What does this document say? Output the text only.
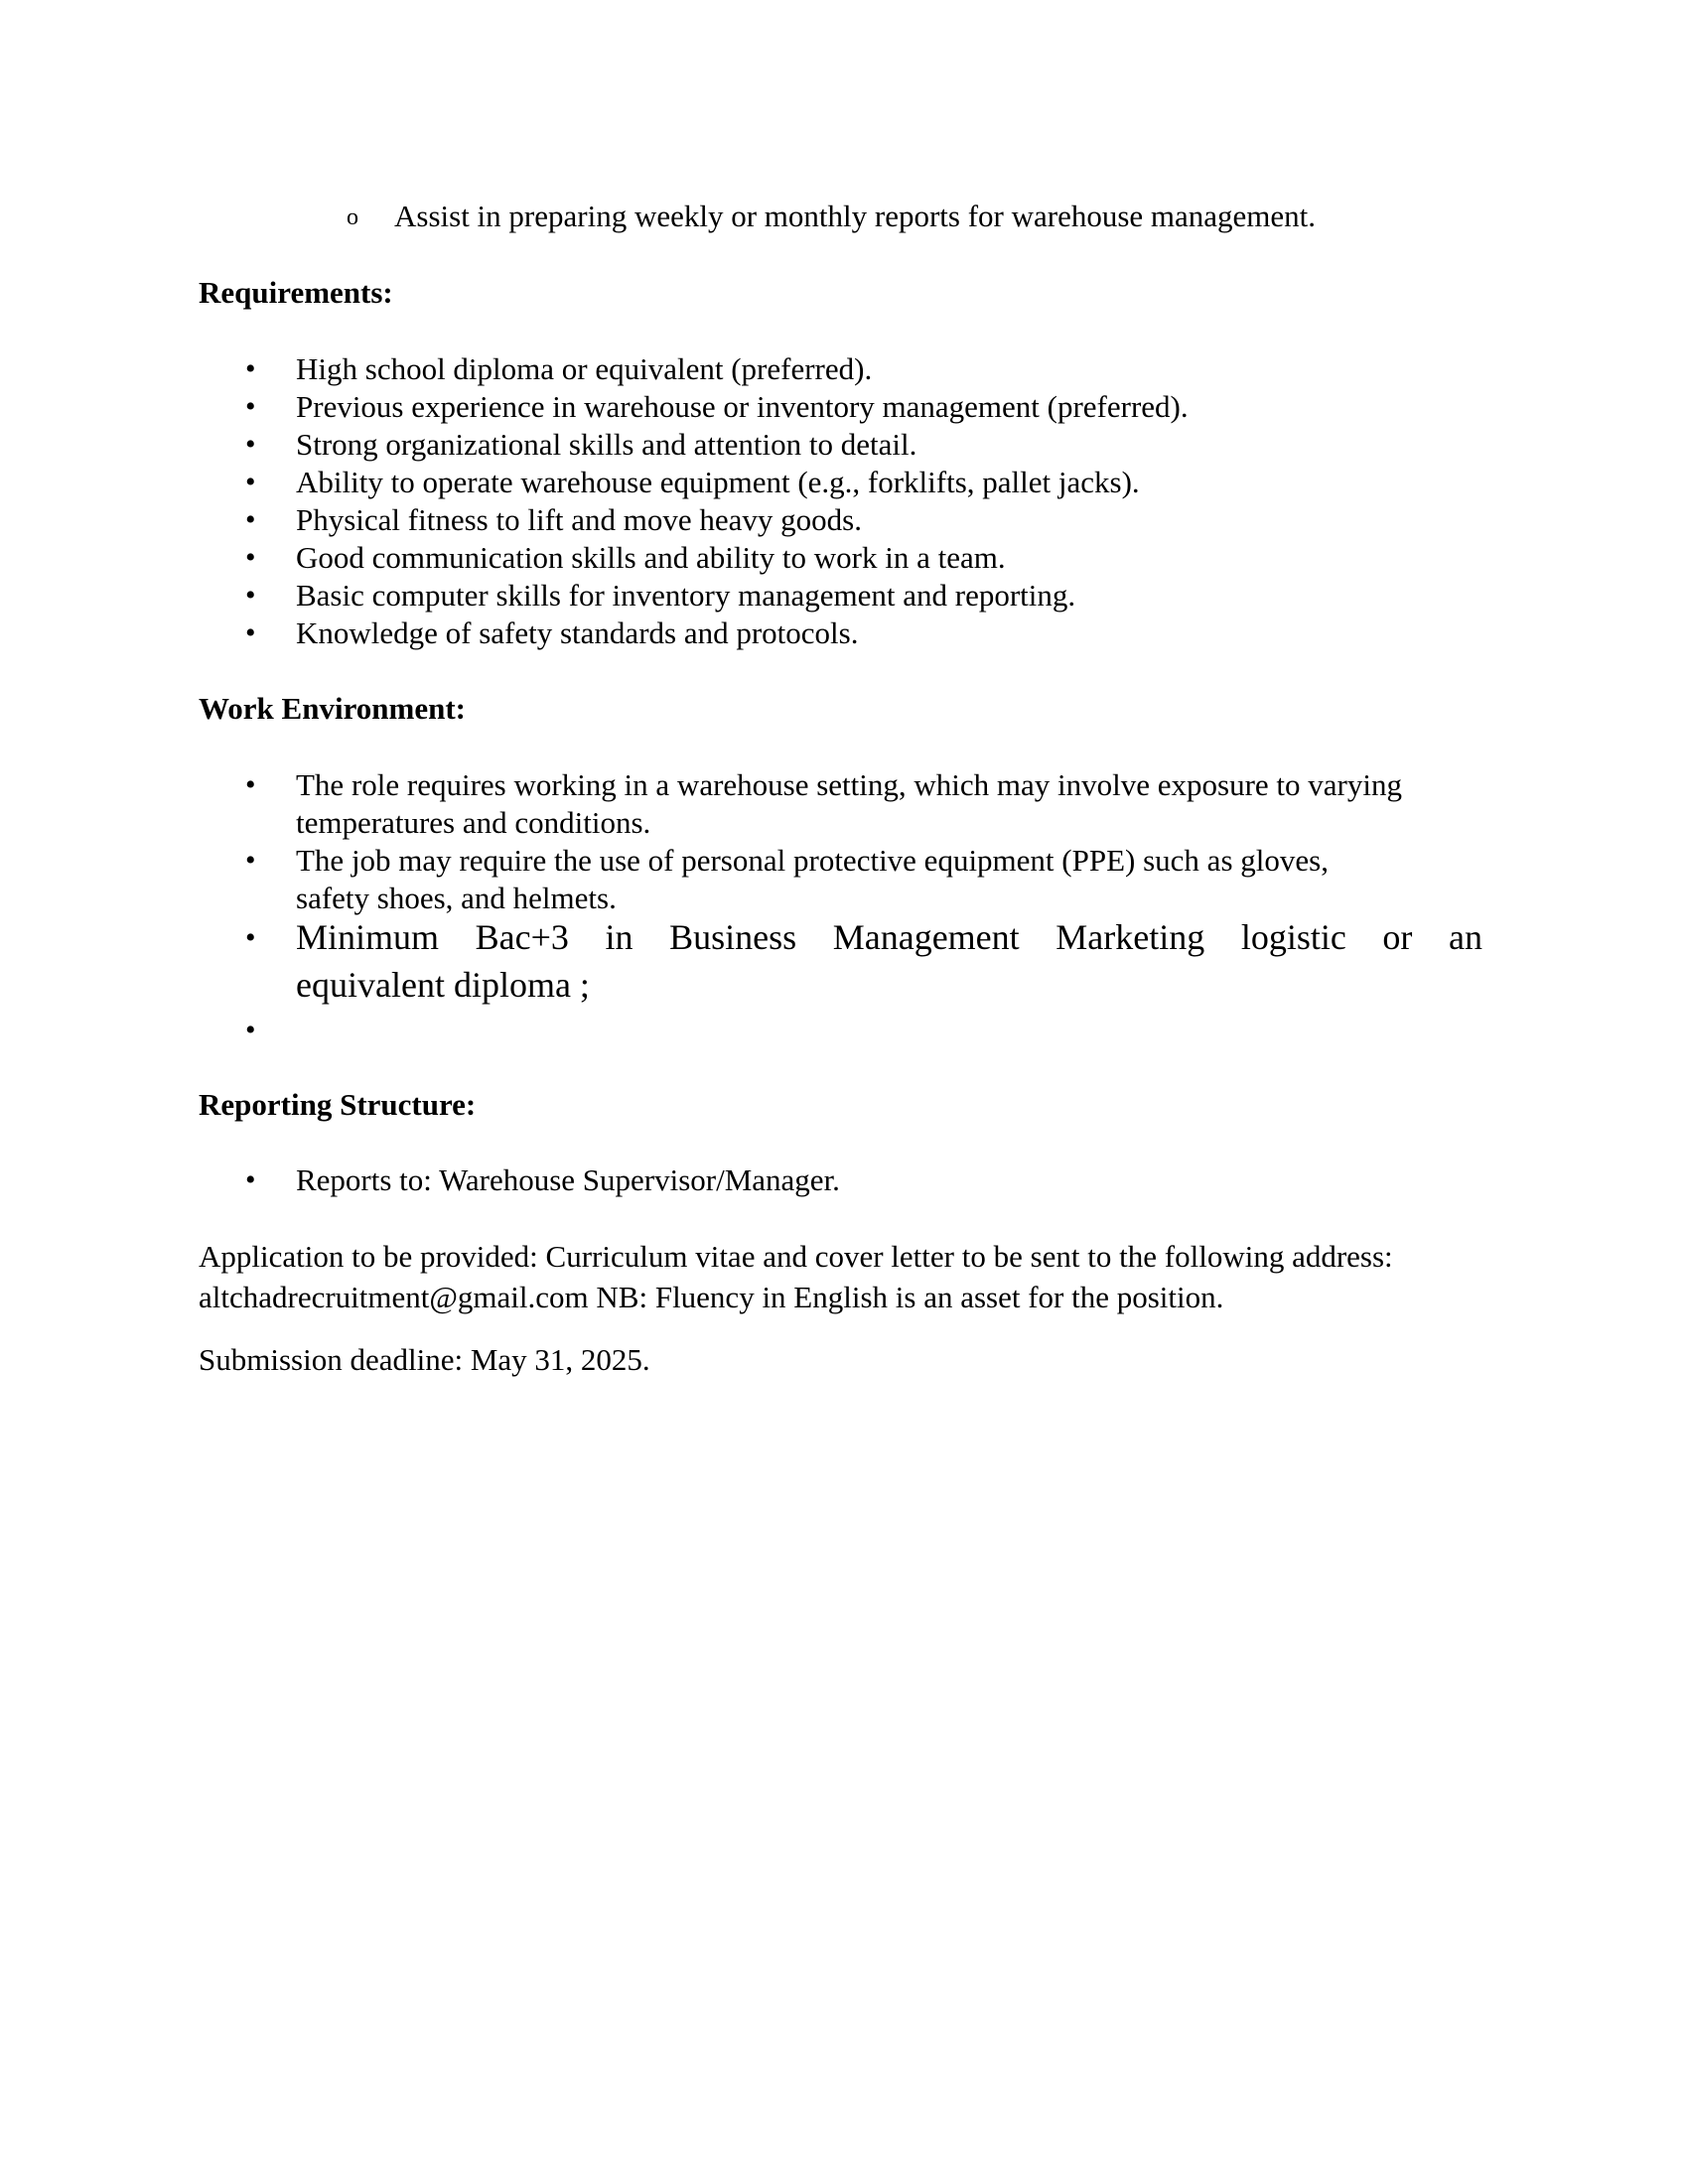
o Assist in preparing weekly or monthly reports for warehouse management.
Requirements:
• High school diploma or equivalent (preferred).
• Previous experience in warehouse or inventory management (preferred).
• Strong organizational skills and attention to detail.
• Ability to operate warehouse equipment (e.g., forklifts, pallet jacks).
• Physical fitness to lift and move heavy goods.
• Good communication skills and ability to work in a team.
• Basic computer skills for inventory management and reporting.
• Knowledge of safety standards and protocols.
Work Environment:
• The role requires working in a warehouse setting, which may involve exposure to varying
temperatures and conditions.
• The job may require the use of personal protective equipment (PPE) such as gloves,
safety shoes, and helmets.
• Minimum Bac+3 in Business Management Marketing logistic or an
equivalent diploma ;
•
Reporting Structure:
• Reports to: Warehouse Supervisor/Manager.
Application to be provided: Curriculum vitae and cover letter to be sent to the following address:
altchadrecruitment@gmail.com NB: Fluency in English is an asset for the position.
Submission deadline: May 31, 2025.
